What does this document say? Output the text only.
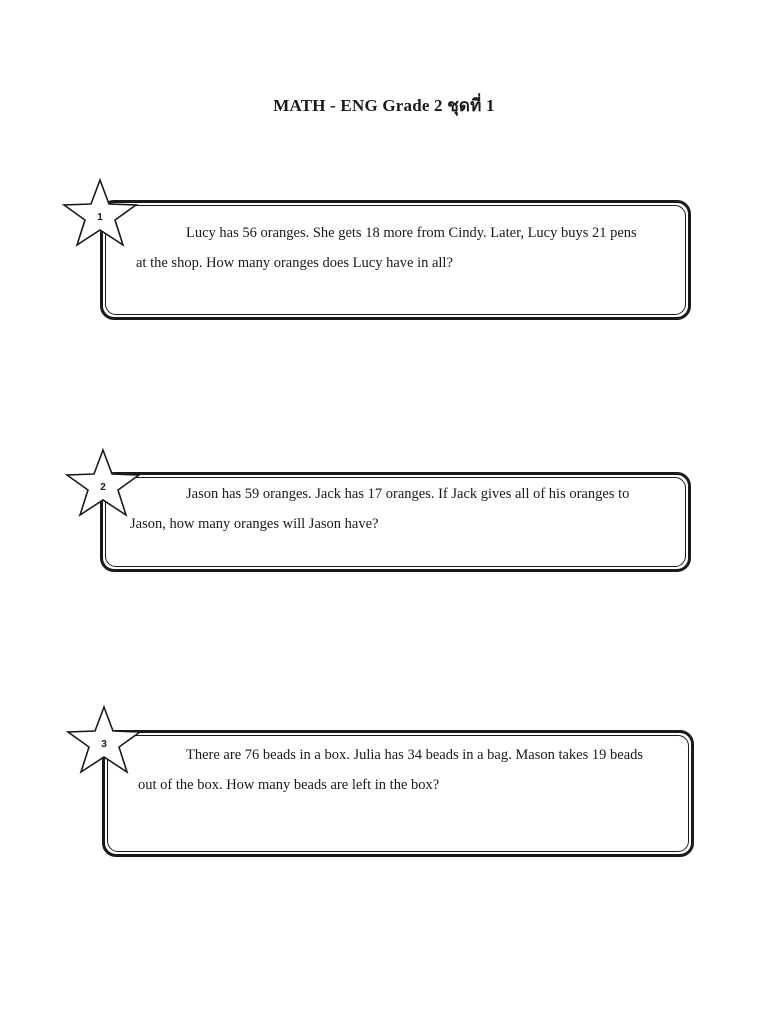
MATH - ENG Grade 2 ชุดที่ 1
1

Lucy has 56 oranges. She gets 18 more from Cindy. Later, Lucy buys 21 pens
at the shop. How many oranges does Lucy have in all?

2	Jason has 59 oranges. Jack has 17 oranges. If Jack gives all of his oranges to
Jason, how many oranges will Jason have?

3

There are 76 beads in a box. Julia has 34 beads in a bag. Mason takes 19 beads
out of the box. How many beads are left in the box?
